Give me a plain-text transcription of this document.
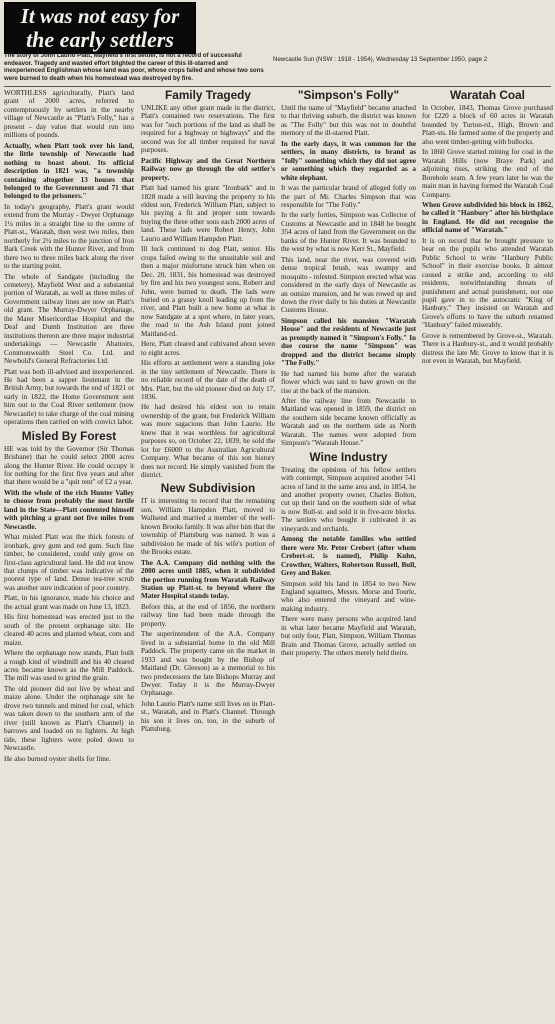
It was not easy for
the early settlers

The story of John Laurio Platt, Mayfield's first settler, is not a record of successful endeavor. Tragedy and wasted effort blighted the career of this ill-starred and inexperienced Englishman whose land was poor, whose crops failed and whose two sons were burned to death when his homestead was destroyed by fire.

Newcastle Sun (NSW : 1918 - 1954), Wednesday 13 September 1950, page 2

WORTHLESS agriculturally, Platt's land grant of 2000 acres, referred to contemptuously by settlers in the nearby village of Newcastle as "Platt's Folly," has a present - day value that would run into millions of pounds.

Actually, when Platt took over his land, the little township of Newcastle had nothing to boast about. Its official description in 1821 was, "a township containing altogether 13 houses that belonged to the Government and 71 that belonged to the prisoners."

In today's geography, Platt's grant would extend from the Murray - Dwyer Orphanage 1¼ miles in a straight line to the centre of Platt-st., Waratah, then west two miles, then northerly for 2¼ miles to the junction of Iron Bark Creek with the Hunter River, and from there two to three miles back along the river to the starting point.

The whole of Sandgate (including the cemetery), Mayfield West and a substantial portion of Waratah, as well as three miles of Government railway lines are now on Platt's old grant. The Murray-Dwyer Orphanage, the Mater Misericordiae Hospital and the Deaf and Dumb Institution are three institutions thereon are three major industrial undertakings — Newcastle Abattoirs, Commonwealth Steel Co. Ltd. and Newbold's General Refractories Ltd.

Platt was both ill-advised and inexperienced. He had been a sapper lieutenant in the British Army, but towards the end of 1821 or early in 1822, the Home Government sent him out to the Coal River settlement (now Newcastle) to take charge of the coal mining operations then carried on with convict labor.

Misled By Forest

HE was told by the Governor (Sir Thomas Brisbane) that he could select 2000 acres along the Hunter River. He could occupy it for nothing for the first five years and after that there would be a "quit rent" of £2 a year.

With the whole of the rich Hunter Valley to choose from probably the most fertile land in the State—Platt contented himself with pitching a grant not five miles from Newcastle.

What misled Platt was the thick forests of ironbark, grey gum and red gum. Such fine timber, he considered, could only grow on first-class agricultural land. He did not know that clumps of timber was indicative of the poorest type of land. Dense tea-tree scrub was another sure indication of poor country.

Platt, in his ignorance, made his choice and the actual grant was made on June 13, 1823.

His first homestead was erected just to the south of the present orphanage site. He cleared 40 acres and planted wheat, corn and maize.

Where the orphanage now stands, Platt built a rough kind of windmill and his 40 cleared acres became known as the Mill Paddock. The mill was used to grind the grain.

The old pioneer did not live by wheat and maize alone. Under the orphanage site he drove two tunnels and mined for coal, which was taken down to the southern arm of the river (still known as Platt's Channel) in barrows and loaded on to lighters. At high tide, these lighters were poled down to Newcastle.

He also burned oyster shells for lime.

Family Tragedy

UNLIKE any other grant made in the district, Platt's contained two reservations. The first was for "such portions of the land as shall be required for a highway or highways" and the second was for all timber required for naval purposes.

Pacific Highway and the Great Northern Railway now go through the old settler's property.

Platt had named his grant "Ironbark" and in 1828 made a will leaving the property to his eldest son, Frederick William Platt, subject to his paying a fit and proper sum towards buying the three other sons each 2000 acres of land. These lads were Robert Henry, John Laurio and William Hampden Platt.

Ill luck continued to dog Platt, senior. His crops failed owing to the unsuitable soil and then a major misfortune struck him when on Dec. 20, 1831, his homestead was destroyed by fire and his two youngest sons, Robert and John, were burned to death. The lads were buried on a grassy knoll leading up from the river, and Platt built a new home at what is now Sandgate at a spot where, in later years, the road to the Ash Island punt joined Maitland-rd.

Here, Platt cleared and cultivated about seven to eight acres.

His efforts at settlement were a standing joke in the tiny settlement of Newcastle. There is no reliable record of the date of the death of Mrs. Platt, but the old pioneer died on July 17, 1836.

He had desired his eldest son to retain ownership of the grant, but Frederick William was more sagacious than John Laurio. He knew that it was worthless for agricultural purposes so, on October 22, 1839, he sold the lot for £6000 to the Australian Agricultural Company. What became of this son history does not record. He simply vanished from the district.

New Subdivision

IT is interesting to record that the remaining son, William Hampden Platt, moved to Wallsend and married a member of the well-known Brooks family. It was after him that the township of Plattsburg was named. It was a subdivision he made of his wife's portion of the Brooks estate.

The A.A. Company did nothing with the 2000 acres until 1885, when it subdivided the portion running from Waratah Railway Station up Platt-st. to beyond where the Mater Hospital stands today.

Before this, at the end of 1856, the northern railway line had been made through the property.

The superintendent of the A.A. Company lived in a substantial home in the old Mill Paddock. The property came on the market in 1933 and was bought by the Bishop of Maitland (Dr. Gleeson) as a memorial to his two predecessors the late Bishops Murray and Dwyer. Today it is the Murray-Dwyer Orphanage.

John Laurio Platt's name still lives on in Platt-st., Waratah, and in Platt's Channel. Through his son it lives on, too, in the suburb of Plattsburg.

"Simpson's Folly"

Until the name of "Mayfield" became attached to that thriving suburb, the district was known as "The Folly" but this was not in doubtful memory of the ill-starred Platt.

In the early days, it was common for the settlers, in many districts, to brand as "folly" something which they did not agree or something which they regarded as a white elephant.

It was the particular brand of alleged folly on the part of Mr. Charles Simpson that was responsible for "The Folly."

In the early forties, Simpson was Collector of Customs at Newcastle and in 1848 he bought 354 acres of land from the Government on the banks of the Hunter River. It was bounded to the west by what is now Kerr St., Mayfield.

This land, near the river, was covered with dense tropical brush, was swampy and mosquito - infested. Simpson erected what was considered in the early days of Newcastle as an outsize mansion, and he was rowed up and down the river daily to his duties at Newcastle Customs House.

Simpson called his mansion "Waratah House" and the residents of Newcastle just as promptly named it "Simpson's Folly." In due course the name "Simpson" was dropped and the district became simply "The Folly."

He had named his home after the waratah flower which was said to have grown on the rise at the back of the mansion.

After the railway line from Newcastle to Maitland was opened in 1859, the district on the southern side became known officially as Waratah and on the northern side as North Waratah. The names were adopted from Simpson's "Waratah House."

Wine Industry

Treating the opinions of his fellow settlers with contempt, Simpson acquired another 541 acres of land in the same area and, in 1854, he and another property owner, Charles Bolton, cut up their land on the southern side of what is now Bull-st. and sold it in five-acre blocks. The settlers who bought it cultivated it as vineyards and orchards.

Among the notable families who settled there were Mr. Peter Crebert (after whom Crebert-st. is named), Philip Kuhn, Crowther, Walters, Robertson Russell, Bull, Grey and Baker.

Simpson sold his land in 1854 to two New England squatters, Messrs. Morse and Tourle, who also entered the vineyard and wine-making industry.

There were many persons who acquired land in what later became Mayfield and Waratah, but only four, Platt, Simpson, William Thomas Brain and Thomas Grove, actually settled on their property. The others merely held theirs.

Waratah Coal

In October, 1843, Thomas Grove purchased for £220 a block of 60 acres in Waratah bounded by Turton-rd., High, Brown and Platt-sts. He farmed some of the property and also went timber-getting with bullocks.

In 1860 Grove started mining for coal in the Waratah Hills (now Braye Park) and adjoining rises, striking the end of the Borehole seam. A few years later he was the main man in having formed the Waratah Coal Company.

When Grove subdivided his block in 1862, he called it "Hanbury" after his birthplace in England. He did not recognise the official name of "Waratah."

It is on record that he brought pressure to bear on the pupils who attended Waratah Public School to write "Hanbury Public School" in their exercise books. It almost caused a strike and, according to old residents, notwithstanding threats of punishment and actual punishment, not one pupil gave in to the autocratic "King of Hanbury." They insisted on Waratah and Grove's efforts to have the suburb renamed "Hanbury" failed miserably.

Grove is remembered by Grove-st., Waratah. There is a Hanbury-st., and it would probably distress the late Mr. Grove to know that it is not even in Waratah, but Mayfield.
